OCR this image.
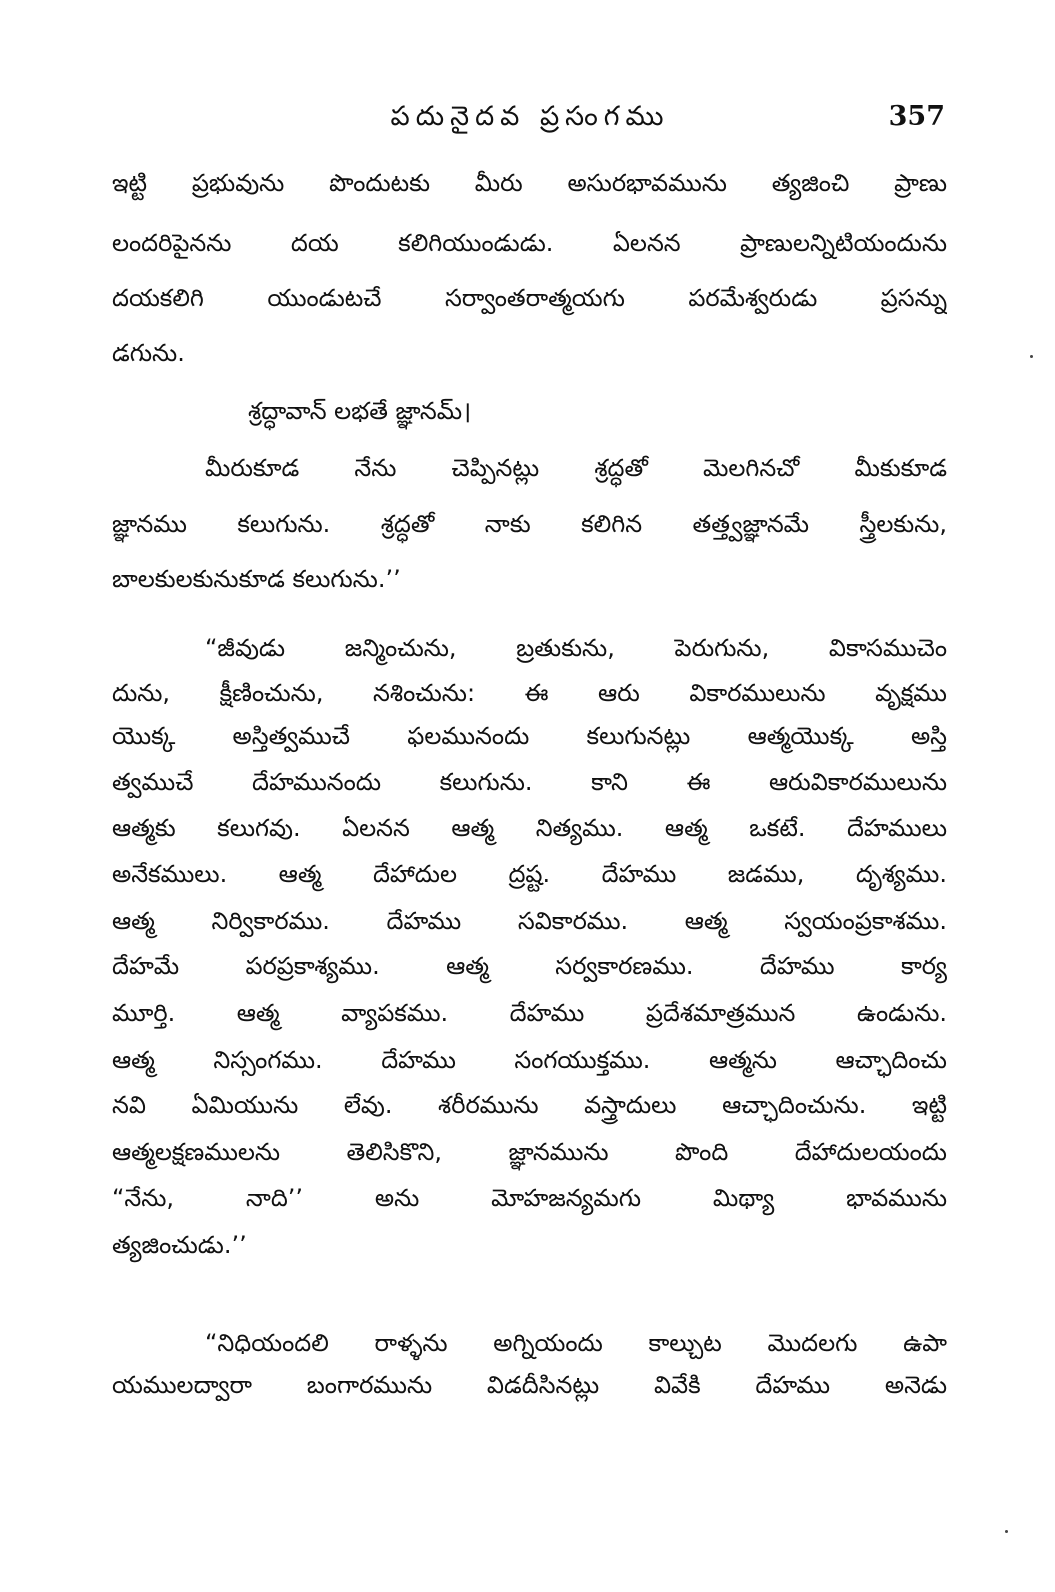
పదునైదవ ప్రసంగము	357
ఇట్టి ప్రభువును పొందుటకు మీరు అసురభావమును త్యజించి ప్రాణు
లందరిపైనను దయ కలిగియుండుడు. ఏలనన ప్రాణులన్నిటియందును
దయకలిగి యుండుటచే సర్వాంతరాత్మయగు పరమేశ్వరుడు ప్రసన్ను
డగును.
శ్రద్ధావాన్ లభతే జ్ఞానమ్।
మీరుకూడ నేను చెప్పినట్లు శ్రద్ధతో మెలగినచో మీకుకూడ
జ్ఞానము కలుగును. శ్రద్ధతో నాకు కలిగిన తత్త్వజ్ఞానమే స్త్రీలకును,
బాలకులకునుకూడ కలుగును.’’
“జీవుడు జన్మించును, బ్రతుకును, పెరుగును, వికాసముచెం
దును, క్షీణించును, నశించును: ఈ ఆరు వికారములును వృక్షము
యొక్క అస్తిత్వముచే ఫలమునందు కలుగునట్లు ఆత్మయొక్క అస్తి
త్వముచే దేహమునందు కలుగును. కాని ఈ ఆరువికారములును
ఆత్మకు కలుగవు. ఏలనన ఆత్మ నిత్యము. ఆత్మ ఒకటే. దేహములు
అనేకములు. ఆత్మ దేహాదుల ద్రష్ట. దేహము జడము, దృశ్యము.
ఆత్మ నిర్వికారము. దేహము సవికారము. ఆత్మ స్వయంప్రకాశము.
దేహమే పరప్రకాశ్యము. ఆత్మ సర్వకారణము. దేహము కార్య
మూర్తి. ఆత్మ వ్యాపకము. దేహము ప్రదేశమాత్రమున ఉండును.
ఆత్మ నిస్సంగము. దేహము సంగయుక్తము. ఆత్మను ఆచ్ఛాదించు
నవి ఏమియును లేవు. శరీరమును వస్త్రాదులు ఆచ్ఛాదించును. ఇట్టి
ఆత్మలక్షణములను తెలిసికొని, జ్ఞానమును పొంది దేహాదులయందు
“నేను, నాది’’ అను మోహజన్యమగు మిథ్యా భావమును
త్యజించుడు.’’
“నిధియందలి రాళ్ళను అగ్నియందు కాల్చుట మొదలగు ఉపా
యములద్వారా బంగారమును విడదీసినట్లు వివేకి దేహము అనెడు
